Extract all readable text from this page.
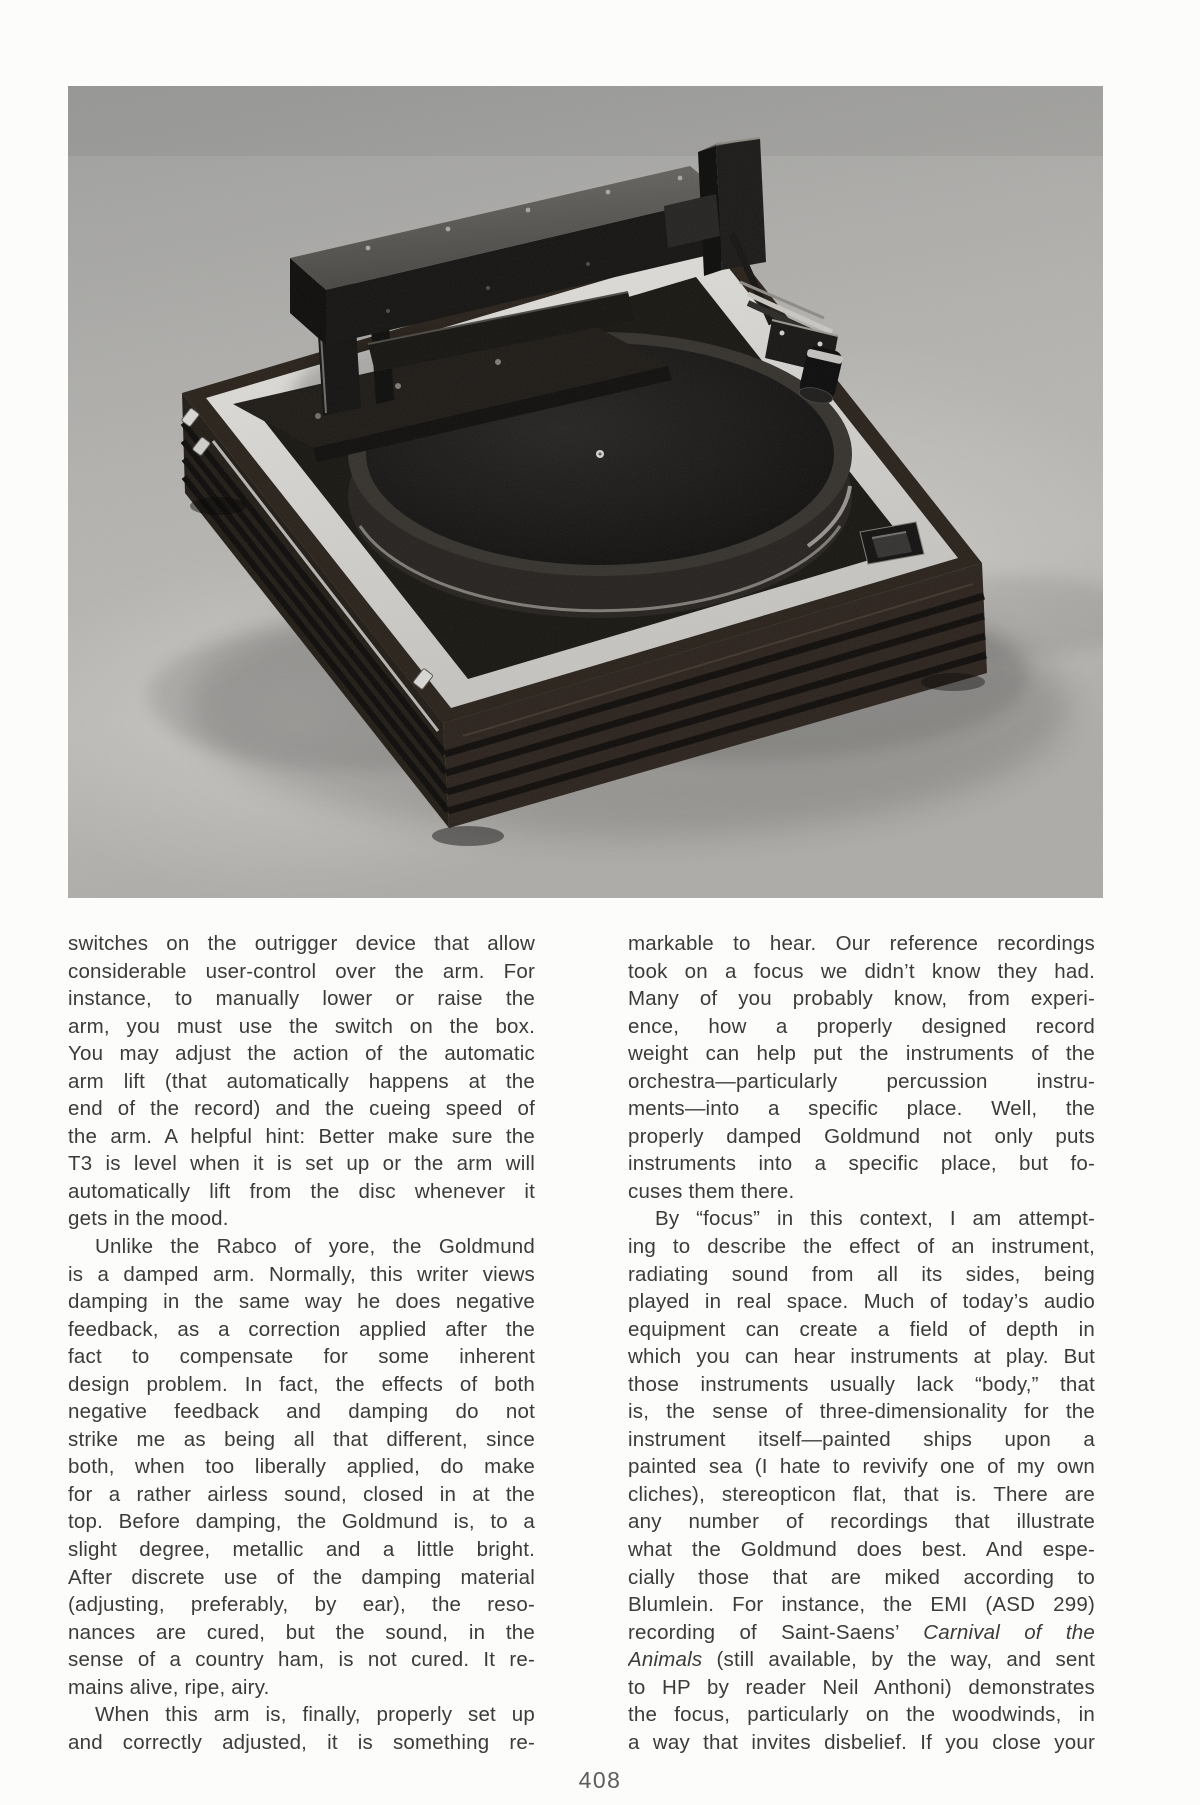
switches on the outrigger device that allow
considerable user-control over the arm. For
instance, to manually lower or raise the
arm, you must use the switch on the box.
You may adjust the action of the automatic
arm lift (that automatically happens at the
end of the record) and the cueing speed of
the arm. A helpful hint: Better make sure the
T3 is level when it is set up or the arm will
automatically lift from the disc whenever it
gets in the mood.
Unlike the Rabco of yore, the Goldmund
is a damped arm. Normally, this writer views
damping in the same way he does negative
feedback, as a correction applied after the
fact to compensate for some inherent
design problem. In fact, the effects of both
negative feedback and damping do not
strike me as being all that different, since
both, when too liberally applied, do make
for a rather airless sound, closed in at the
top. Before damping, the Goldmund is, to a
slight degree, metallic and a little bright.
After discrete use of the damping material
(adjusting, preferably, by ear), the reso-
nances are cured, but the sound, in the
sense of a country ham, is not cured. It re-
mains alive, ripe, airy.
When this arm is, finally, properly set up
and correctly adjusted, it is something re-
markable to hear. Our reference recordings
took on a focus we didn’t know they had.
Many of you probably know, from experi-
ence, how a properly designed record
weight can help put the instruments of the
orchestra—particularly percussion instru-
ments—into a specific place. Well, the
properly damped Goldmund not only puts
instruments into a specific place, but fo-
cuses them there.
By “focus” in this context, I am attempt-
ing to describe the effect of an instrument,
radiating sound from all its sides, being
played in real space. Much of today’s audio
equipment can create a field of depth in
which you can hear instruments at play. But
those instruments usually lack “body,” that
is, the sense of three-dimensionality for the
instrument itself—painted ships upon a
painted sea (I hate to revivify one of my own
cliches), stereopticon flat, that is. There are
any number of recordings that illustrate
what the Goldmund does best. And espe-
cially those that are miked according to
Blumlein. For instance, the EMI (ASD 299)
recording of Saint-Saens’ Carnival of the
Animals (still available, by the way, and sent
to HP by reader Neil Anthoni) demonstrates
the focus, particularly on the woodwinds, in
a way that invites disbelief. If you close your
408
